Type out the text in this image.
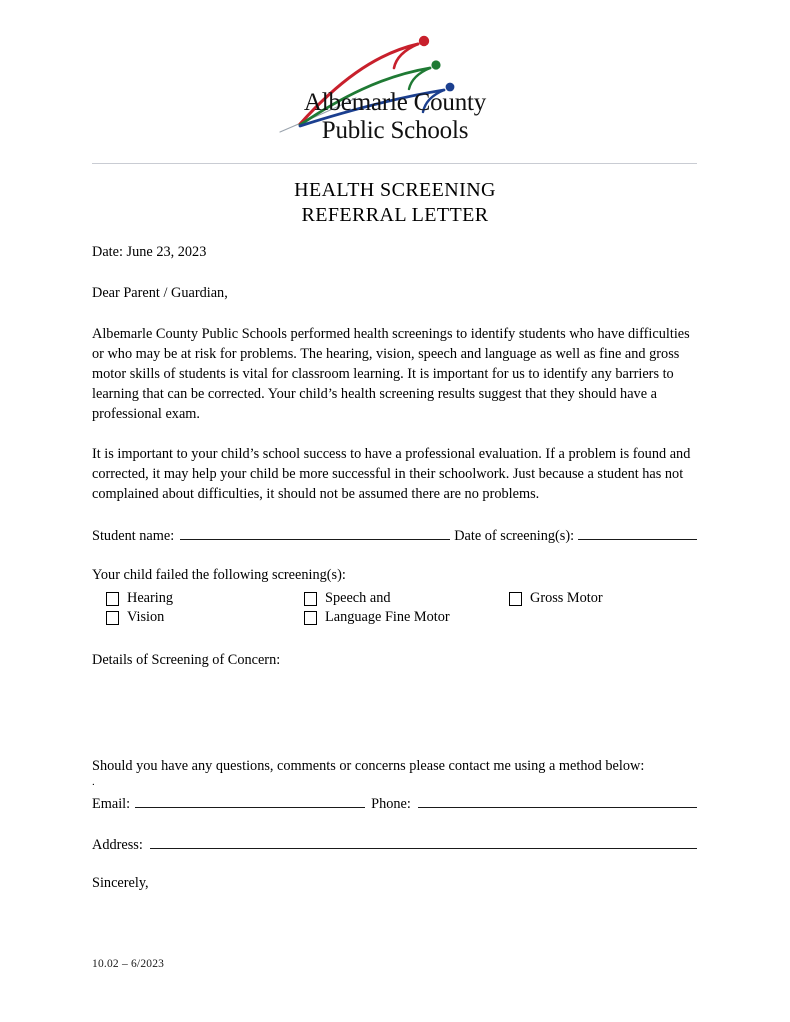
Albemarle County
Public Schools
HEALTH SCREENING
REFERRAL LETTER

Date: June 23, 2023

Dear Parent / Guardian,

Albemarle County Public Schools performed health screenings to identify students who have difficulties or who may be at risk for problems. The hearing, vision, speech and language as well as fine and gross motor skills of students is vital for classroom learning. It is important for us to identify any barriers to learning that can be corrected. Your child’s health screening results suggest that they should have a professional exam.

It is important to your child’s school success to have a professional evaluation. If a problem is found and corrected, it may help your child be more successful in their schoolwork. Just because a student has not complained about difficulties, it should not be assumed there are no problems.

Student name:	Date of screening(s):

Your child failed the following screening(s):

Hearing
Vision
Speech and
Language Fine Motor
Gross Motor

Details of Screening of Concern:

Should you have any questions, comments or concerns please contact me using a method below:

.

Email:	Phone:
Address:

Sincerely,

10.02 – 6/2023
